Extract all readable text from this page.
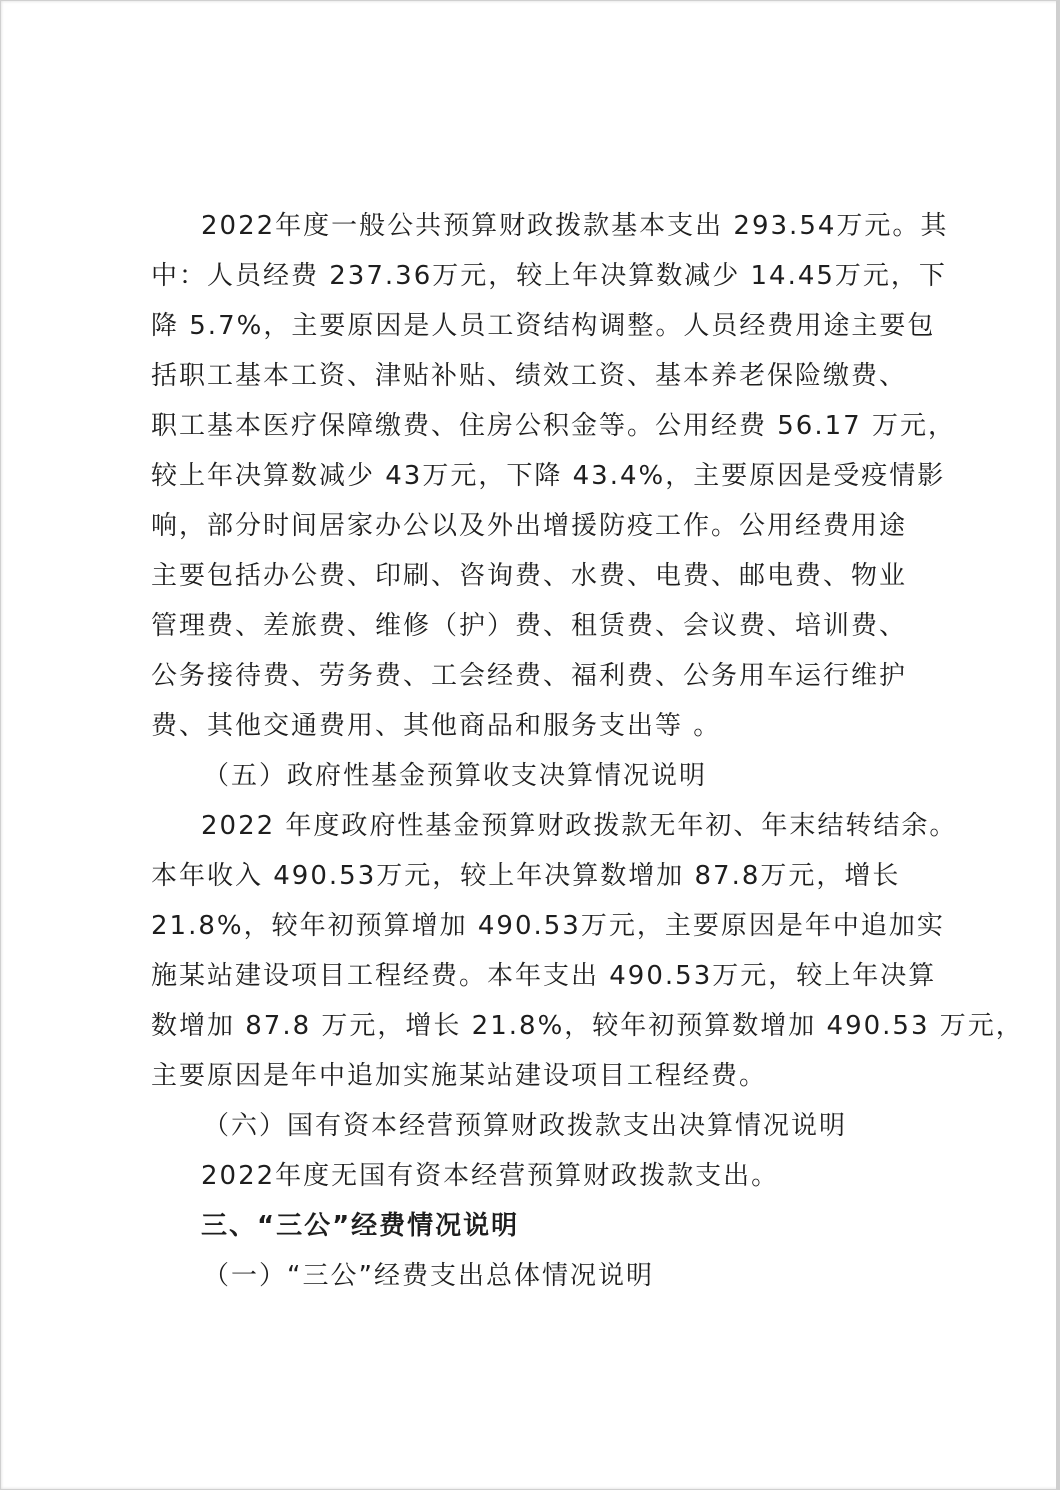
2022年度一般公共预算财政拨款基本支出 293.54万元。其
中：人员经费 237.36万元，较上年决算数减少 14.45万元，下
降 5.7%，主要原因是人员工资结构调整。人员经费用途主要包
括职工基本工资、津贴补贴、绩效工资、基本养老保险缴费、
职工基本医疗保障缴费、住房公积金等。公用经费 56.17 万元，
较上年决算数减少 43万元，下降 43.4%，主要原因是受疫情影
响，部分时间居家办公以及外出增援防疫工作。公用经费用途
主要包括办公费、印刷、咨询费、水费、电费、邮电费、物业
管理费、差旅费、维修（护）费、租赁费、会议费、培训费、
公务接待费、劳务费、工会经费、福利费、公务用车运行维护
费、其他交通费用、其他商品和服务支出等 。
（五）政府性基金预算收支决算情况说明
2022 年度政府性基金预算财政拨款无年初、年末结转结余。
本年收入 490.53万元，较上年决算数增加 87.8万元，增长
21.8%，较年初预算增加 490.53万元，主要原因是年中追加实
施某站建设项目工程经费。本年支出 490.53万元，较上年决算
数增加 87.8 万元，增长 21.8%，较年初预算数增加 490.53 万元，
主要原因是年中追加实施某站建设项目工程经费。
（六）国有资本经营预算财政拨款支出决算情况说明
2022年度无国有资本经营预算财政拨款支出。
三、“三公”经费情况说明
（一）“三公”经费支出总体情况说明
